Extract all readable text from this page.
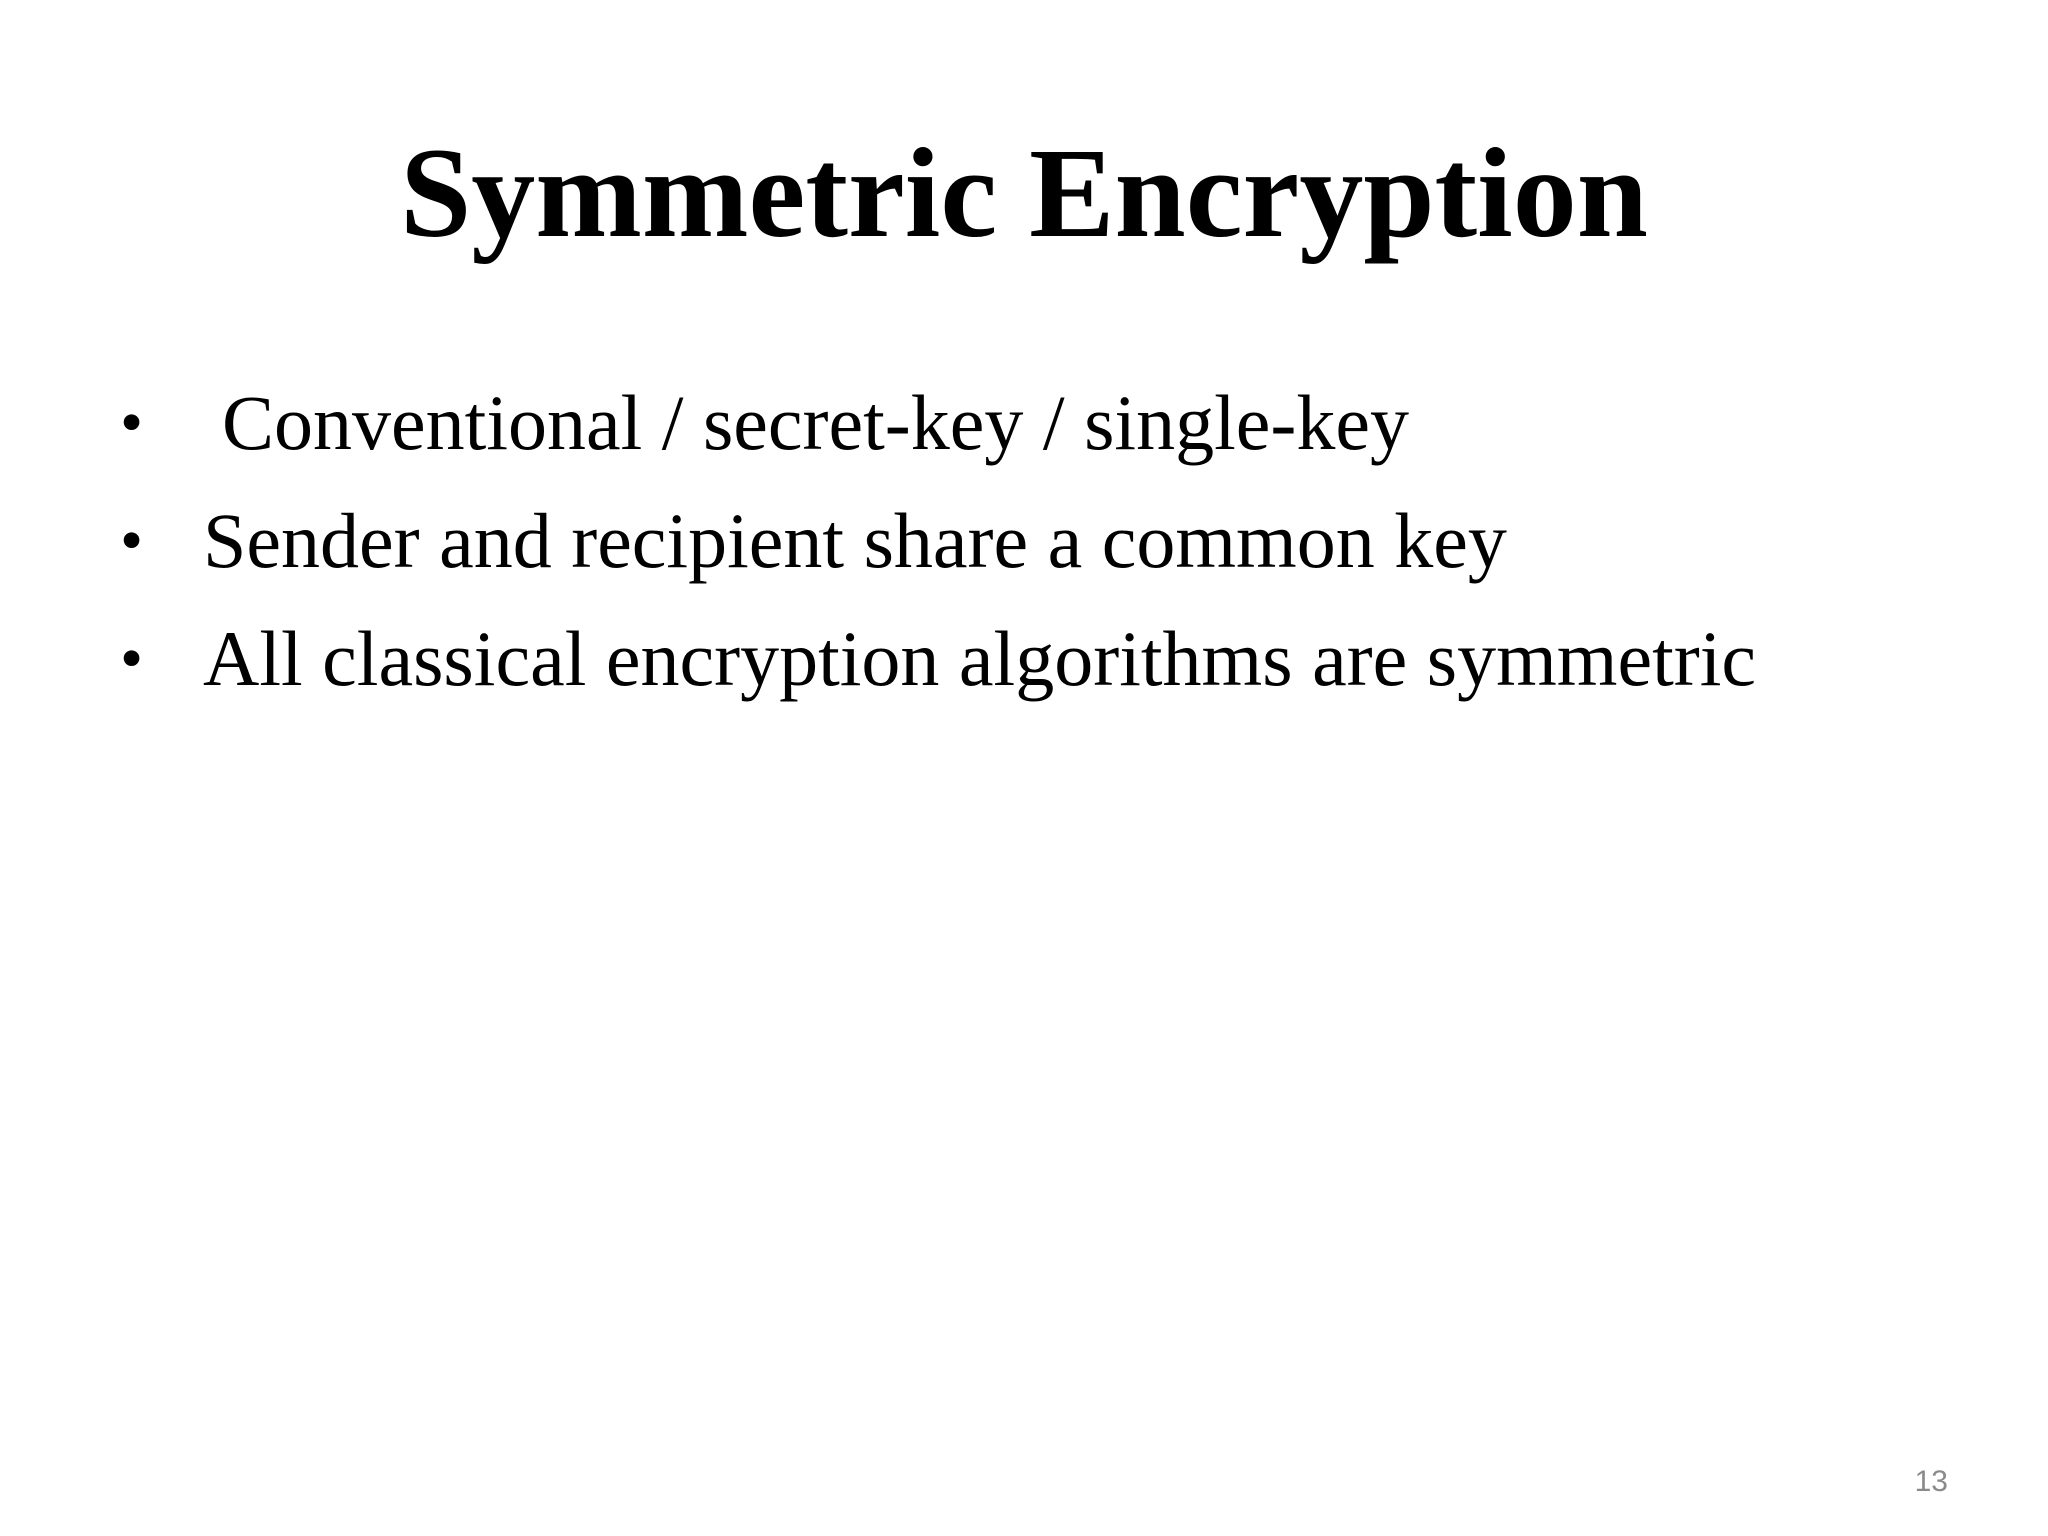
Symmetric Encryption
• Conventional / secret-key / single-key
• Sender and recipient share a common key
• All classical encryption algorithms are symmetric
13
